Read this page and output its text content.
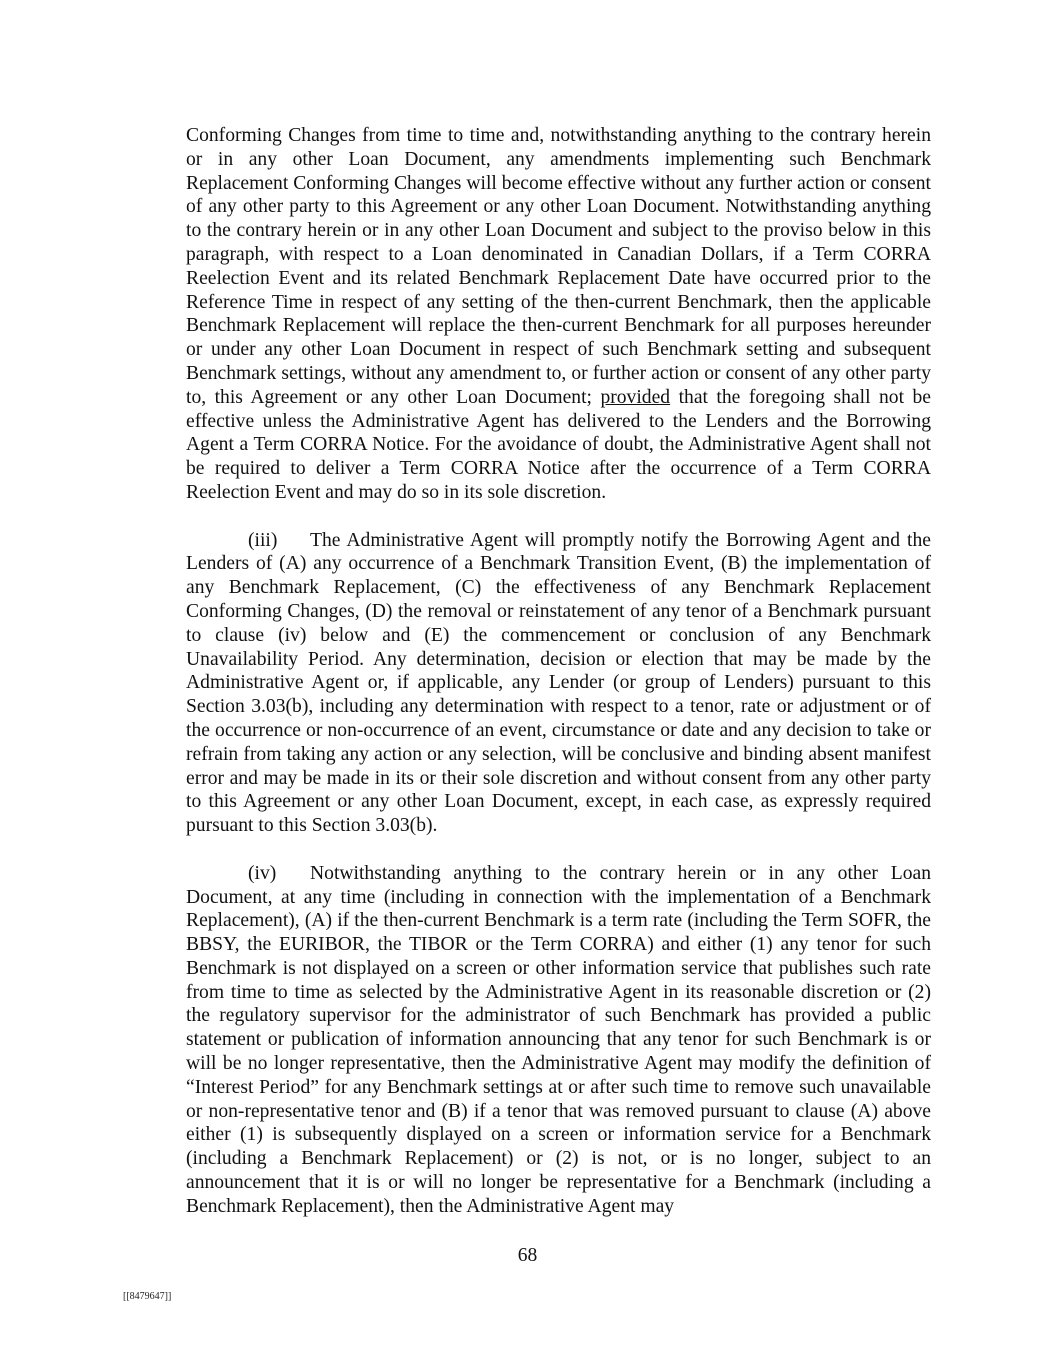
Conforming Changes from time to time and, notwithstanding anything to the contrary herein or in any other Loan Document, any amendments implementing such Benchmark Replacement Conforming Changes will become effective without any further action or consent of any other party to this Agreement or any other Loan Document. Notwithstanding anything to the contrary herein or in any other Loan Document and subject to the proviso below in this paragraph, with respect to a Loan denominated in Canadian Dollars, if a Term CORRA Reelection Event and its related Benchmark Replacement Date have occurred prior to the Reference Time in respect of any setting of the then-current Benchmark, then the applicable Benchmark Replacement will replace the then-current Benchmark for all purposes hereunder or under any other Loan Document in respect of such Benchmark setting and subsequent Benchmark settings, without any amendment to, or further action or consent of any other party to, this Agreement or any other Loan Document; provided that the foregoing shall not be effective unless the Administrative Agent has delivered to the Lenders and the Borrowing Agent a Term CORRA Notice. For the avoidance of doubt, the Administrative Agent shall not be required to deliver a Term CORRA Notice after the occurrence of a Term CORRA Reelection Event and may do so in its sole discretion.

(iii) The Administrative Agent will promptly notify the Borrowing Agent and the Lenders of (A) any occurrence of a Benchmark Transition Event, (B) the implementation of any Benchmark Replacement, (C) the effectiveness of any Benchmark Replacement Conforming Changes, (D) the removal or reinstatement of any tenor of a Benchmark pursuant to clause (iv) below and (E) the commencement or conclusion of any Benchmark Unavailability Period. Any determination, decision or election that may be made by the Administrative Agent or, if applicable, any Lender (or group of Lenders) pursuant to this Section 3.03(b), including any determination with respect to a tenor, rate or adjustment or of the occurrence or non-occurrence of an event, circumstance or date and any decision to take or refrain from taking any action or any selection, will be conclusive and binding absent manifest error and may be made in its or their sole discretion and without consent from any other party to this Agreement or any other Loan Document, except, in each case, as expressly required pursuant to this Section 3.03(b).

(iv) Notwithstanding anything to the contrary herein or in any other Loan Document, at any time (including in connection with the implementation of a Benchmark Replacement), (A) if the then-current Benchmark is a term rate (including the Term SOFR, the BBSY, the EURIBOR, the TIBOR or the Term CORRA) and either (1) any tenor for such Benchmark is not displayed on a screen or other information service that publishes such rate from time to time as selected by the Administrative Agent in its reasonable discretion or (2) the regulatory supervisor for the administrator of such Benchmark has provided a public statement or publication of information announcing that any tenor for such Benchmark is or will be no longer representative, then the Administrative Agent may modify the definition of “Interest Period” for any Benchmark settings at or after such time to remove such unavailable or non-representative tenor and (B) if a tenor that was removed pursuant to clause (A) above either (1) is subsequently displayed on a screen or information service for a Benchmark (including a Benchmark Replacement) or (2) is not, or is no longer, subject to an announcement that it is or will no longer be representative for a Benchmark (including a Benchmark Replacement), then the Administrative Agent may

68
[[8479647]]
